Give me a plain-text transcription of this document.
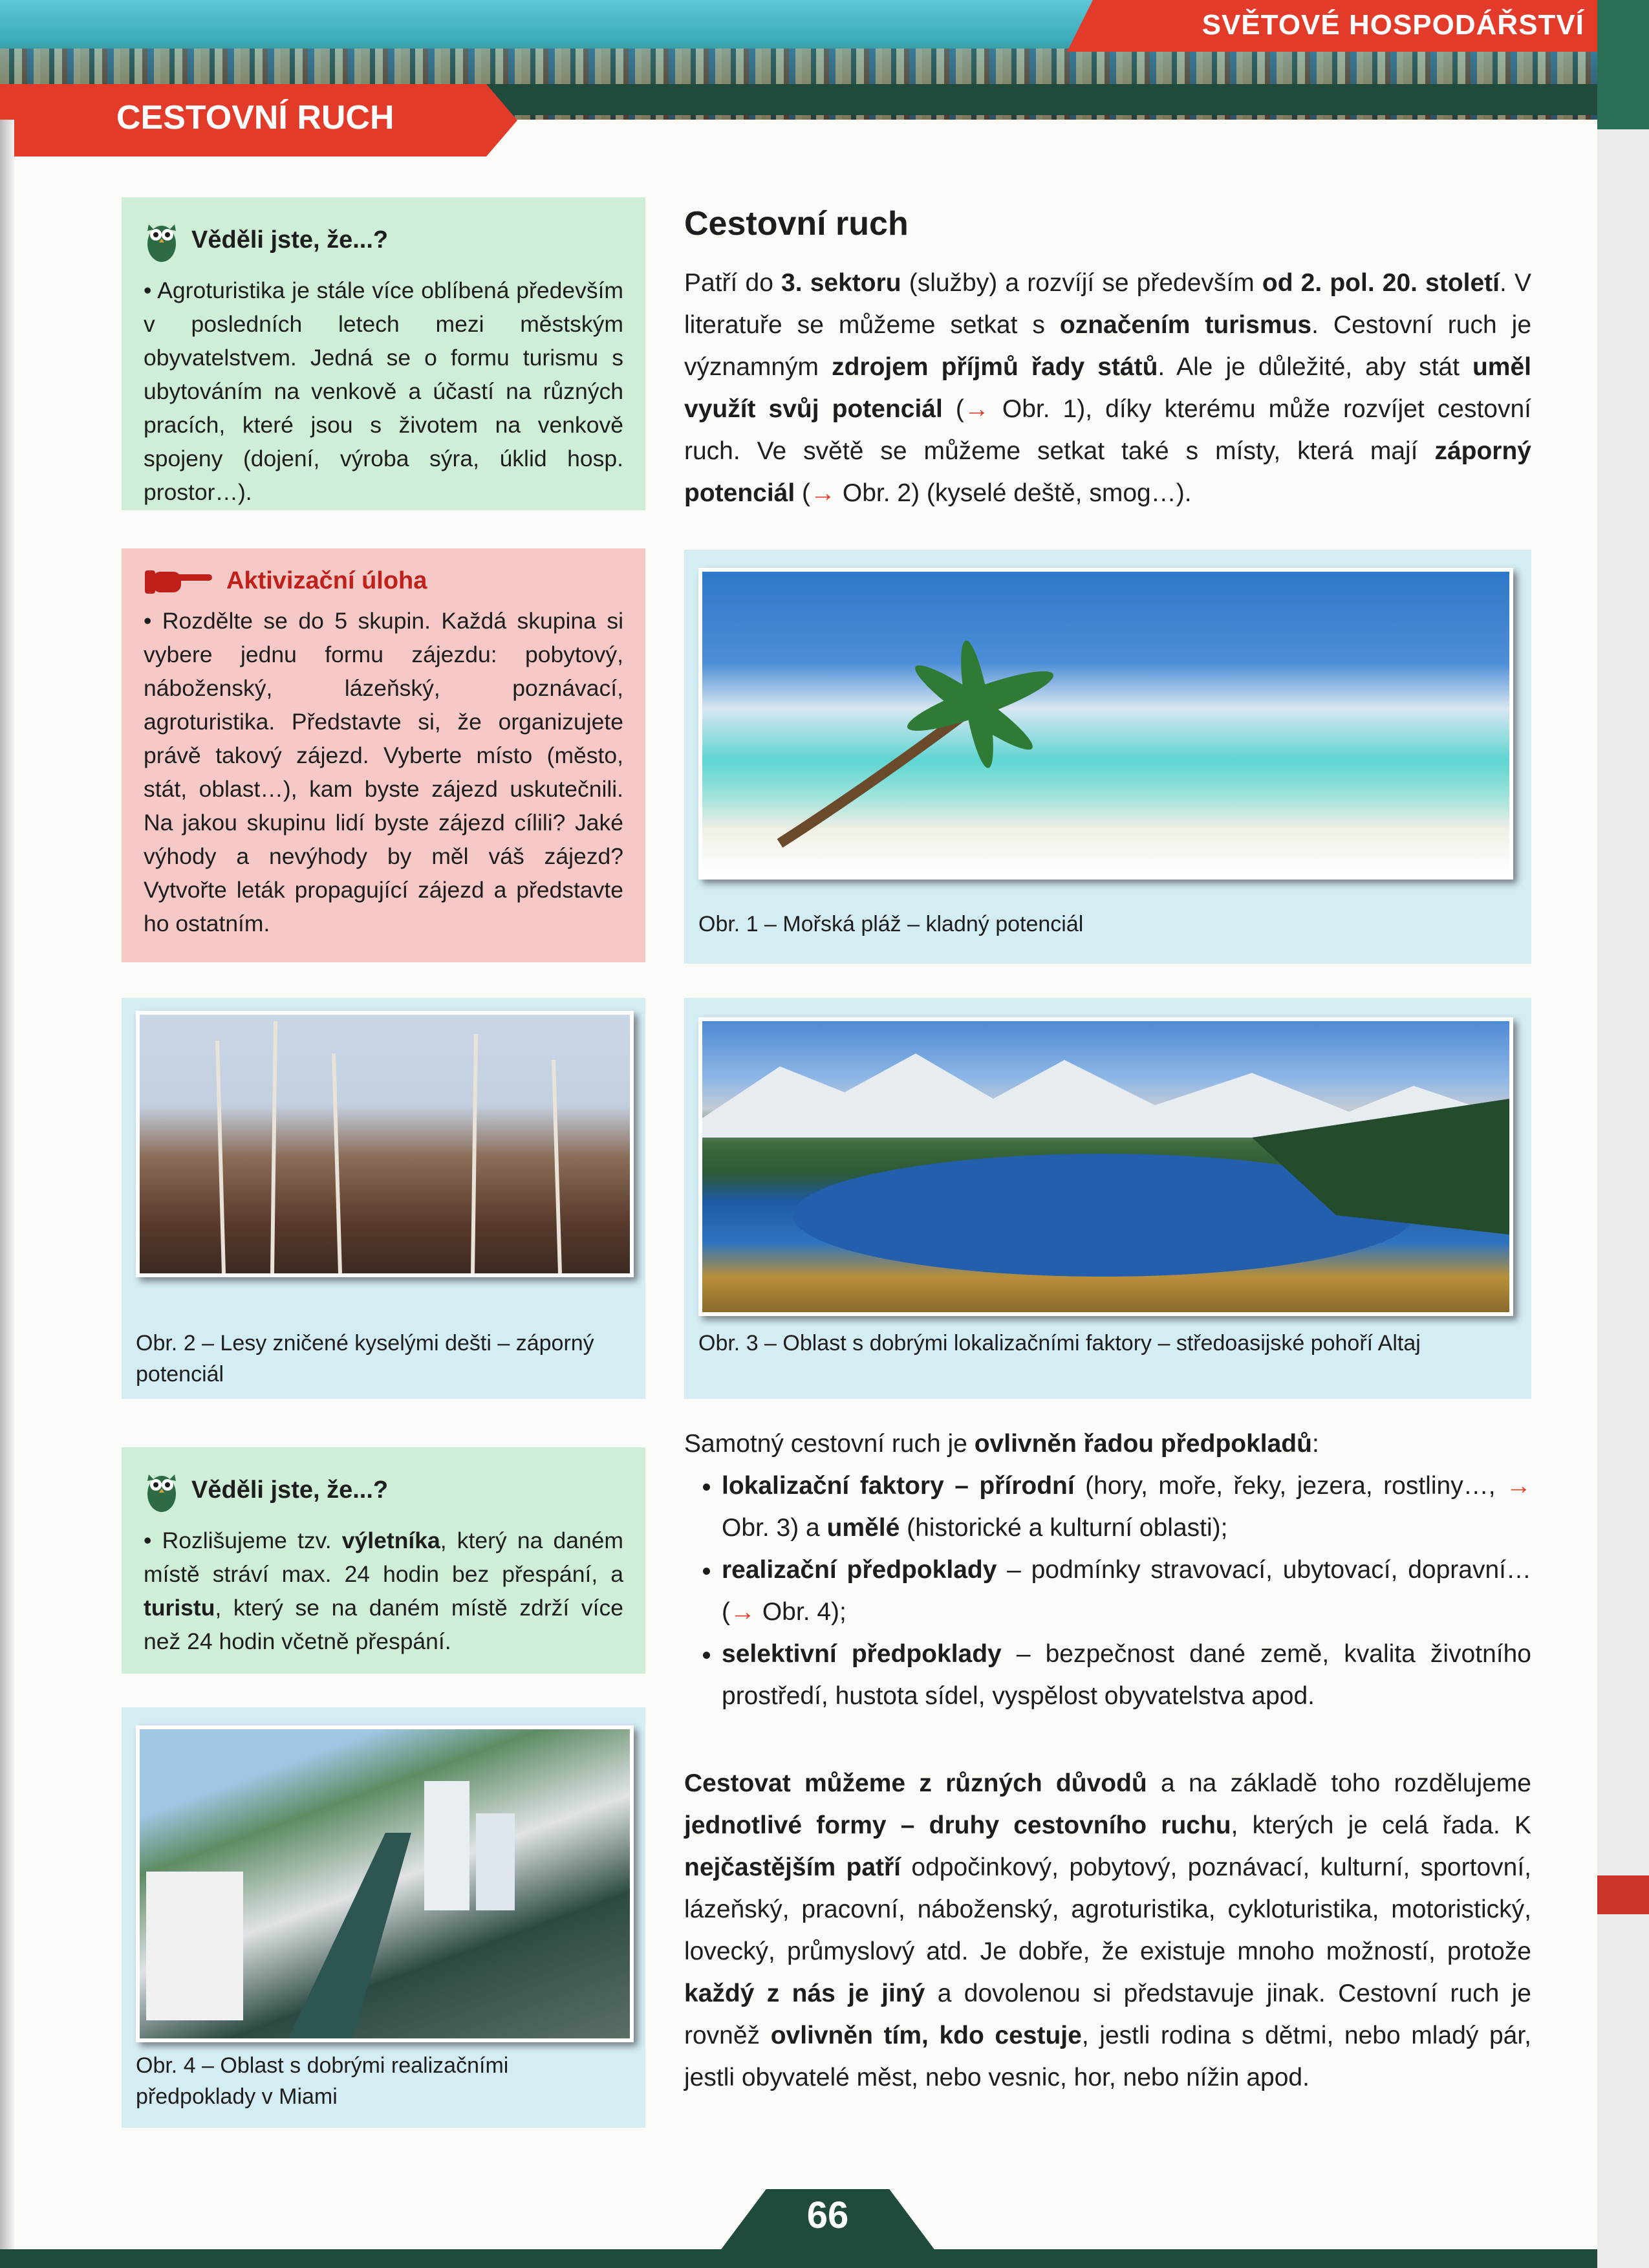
SVĚTOVÉ HOSPODÁŘSTVÍ
CESTOVNÍ RUCH
Věděli jste, že...?

• Agroturistika je stále více oblíbená především v posledních letech mezi městským obyvatelstvem. Jedná se o formu turismu s ubytováním na venkově a účastí na různých pracích, které jsou s životem na venkově spojeny (dojení, výroba sýra, úklid hosp. prostor…).

Aktivizační úloha

• Rozdělte se do 5 skupin. Každá skupina si vybere jednu formu zájezdu: pobytový, náboženský, lázeňský, poznávací, agroturistika. Představte si, že organizujete právě takový zájezd. Vyberte místo (město, stát, oblast…), kam byste zájezd uskutečnili. Na jakou skupinu lidí byste zájezd cílili? Jaké výhody a nevýhody by měl váš zájezd? Vytvořte leták propagující zájezd a představte ho ostatním.

Obr. 2 – Lesy zničené kyselými dešti – záporný potenciál
Věděli jste, že...?

• Rozlišujeme tzv. výletníka, který na daném místě stráví max. 24 hodin bez přespání, a turistu, který se na daném místě zdrží více než 24 hodin včetně přespání.

Obr. 4 – Oblast s dobrými realizačními předpoklady v Miami
Cestovní ruch
Patří do 3. sektoru (služby) a rozvíjí se především od 2. pol. 20. století. V literatuře se můžeme setkat s označením turismus. Cestovní ruch je významným zdrojem příjmů řady států. Ale je důležité, aby stát uměl využít svůj potenciál (→ Obr. 1), díky kterému může rozvíjet cestovní ruch. Ve světě se můžeme setkat také s místy, která mají záporný potenciál (→ Obr. 2) (kyselé deště, smog…).
Obr. 1 – Mořská pláž – kladný potenciál
Obr. 3 – Oblast s dobrými lokalizačními faktory – středoasijské pohoří Altaj
Samotný cestovní ruch je ovlivněn řadou předpokladů:
• lokalizační faktory – přírodní (hory, moře, řeky, jezera, rostliny…, → Obr. 3) a umělé (historické a kulturní oblasti);
• realizační předpoklady – podmínky stravovací, ubytovací, dopravní… (→ Obr. 4);
• selektivní předpoklady – bezpečnost dané země, kvalita životního prostředí, hustota sídel, vyspělost obyvatelstva apod.
Cestovat můžeme z různých důvodů a na základě toho rozdělujeme jednotlivé formy – druhy cestovního ruchu, kterých je celá řada. K nejčastějším patří odpočinkový, pobytový, poznávací, kulturní, sportovní, lázeňský, pracovní, náboženský, agroturistika, cykloturistika, motoristický, lovecký, průmyslový atd. Je dobře, že existuje mnoho možností, protože každý z nás je jiný a dovolenou si představuje jinak. Cestovní ruch je rovněž ovlivněn tím, kdo cestuje, jestli rodina s dětmi, nebo mladý pár, jestli obyvatelé měst, nebo vesnic, hor, nebo nížin apod.
66
